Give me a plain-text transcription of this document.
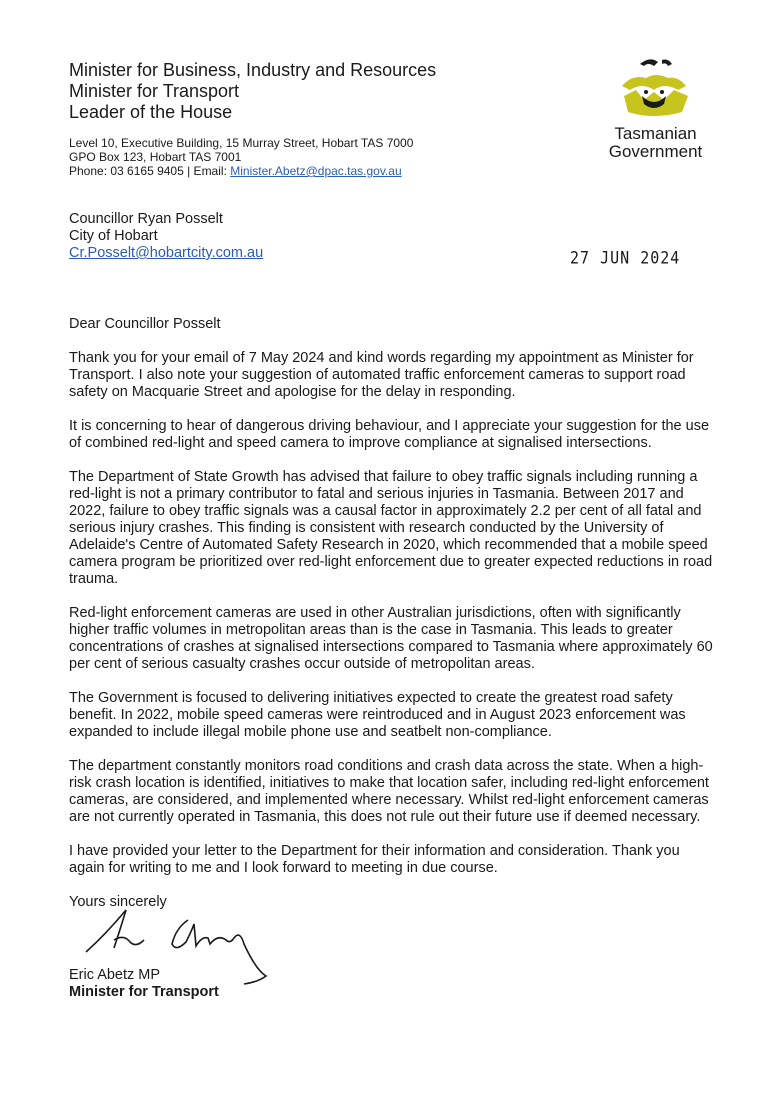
Minister for Business, Industry and Resources
Minister for Transport
Leader of the House
Level 10, Executive Building, 15 Murray Street, Hobart TAS 7000
GPO Box 123, Hobart TAS 7001
Phone: 03 6165 9405 | Email: Minister.Abetz@dpac.tas.gov.au
Tasmanian
Government
Councillor Ryan Posselt
City of Hobart
Cr.Posselt@hobartcity.com.au	27 JUN 2024

Dear Councillor Posselt

Thank you for your email of 7 May 2024 and kind words regarding my appointment as Minister for Transport. I also note your suggestion of automated traffic enforcement cameras to support road safety on Macquarie Street and apologise for the delay in responding.

It is concerning to hear of dangerous driving behaviour, and I appreciate your suggestion for the use of combined red-light and speed camera to improve compliance at signalised intersections.

The Department of State Growth has advised that failure to obey traffic signals including running a red-light is not a primary contributor to fatal and serious injuries in Tasmania. Between 2017 and 2022, failure to obey traffic signals was a causal factor in approximately 2.2 per cent of all fatal and serious injury crashes. This finding is consistent with research conducted by the University of Adelaide's Centre of Automated Safety Research in 2020, which recommended that a mobile speed camera program be prioritized over red-light enforcement due to greater expected reductions in road trauma.

Red-light enforcement cameras are used in other Australian jurisdictions, often with significantly higher traffic volumes in metropolitan areas than is the case in Tasmania. This leads to greater concentrations of crashes at signalised intersections compared to Tasmania where approximately 60 per cent of serious casualty crashes occur outside of metropolitan areas.

The Government is focused to delivering initiatives expected to create the greatest road safety benefit. In 2022, mobile speed cameras were reintroduced and in August 2023 enforcement was expanded to include illegal mobile phone use and seatbelt non-compliance.

The department constantly monitors road conditions and crash data across the state. When a high-risk crash location is identified, initiatives to make that location safer, including red-light enforcement cameras, are considered, and implemented where necessary. Whilst red-light enforcement cameras are not currently operated in Tasmania, this does not rule out their future use if deemed necessary.

I have provided your letter to the Department for their information and consideration. Thank you again for writing to me and I look forward to meeting in due course.

Yours sincerely

Eric Abetz MP
Minister for Transport
